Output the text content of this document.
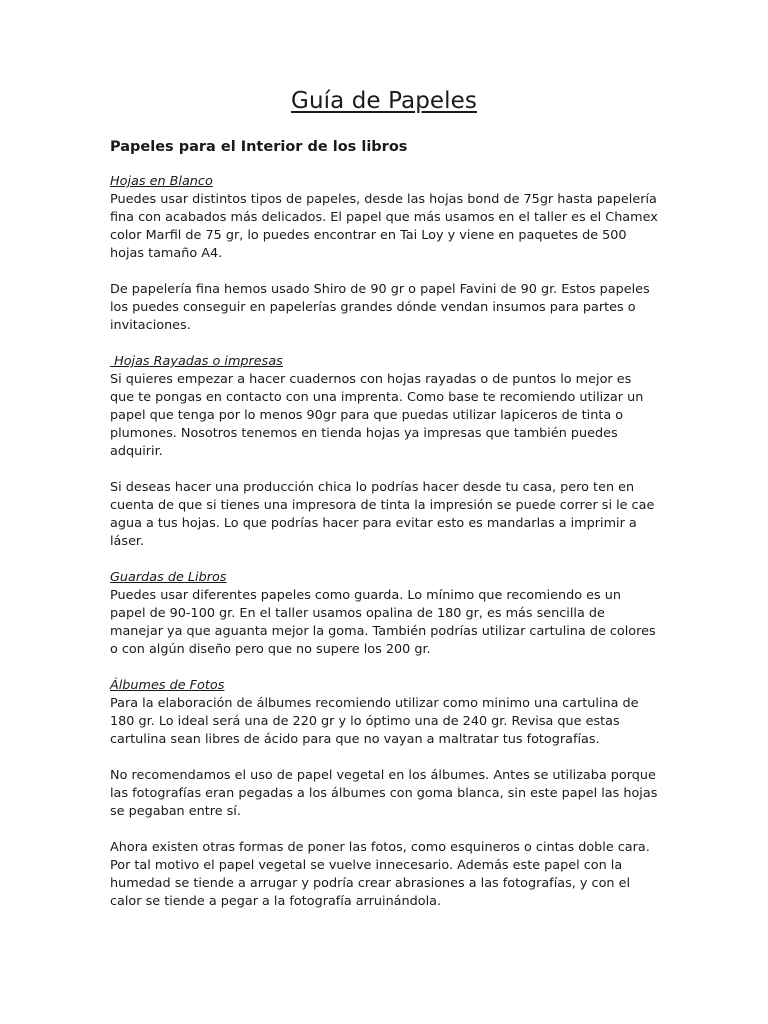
Guía de Papeles
Papeles para el Interior de los libros

Hojas en Blanco

Puedes usar distintos tipos de papeles, desde las hojas bond de 75gr hasta papelería fina con acabados más delicados. El papel que más usamos en el taller es el Chamex color Marfil de 75 gr, lo puedes encontrar en Tai Loy y viene en paquetes de 500 hojas tamaño A4.

De papelería fina hemos usado Shiro de 90 gr o papel Favini de 90 gr. Estos papeles los puedes conseguir en papelerías grandes dónde vendan insumos para partes o invitaciones.

Hojas Rayadas o impresas

Si quieres empezar a hacer cuadernos con hojas rayadas o de puntos lo mejor es que te pongas en contacto con una imprenta. Como base te recomiendo utilizar un papel que tenga por lo menos 90gr para que puedas utilizar lapiceros de tinta o plumones. Nosotros tenemos en tienda hojas ya impresas que también puedes adquirir.

Si deseas hacer una producción chica lo podrías hacer desde tu casa, pero ten en cuenta de que si tienes una impresora de tinta la impresión se puede correr si le cae agua a tus hojas. Lo que podrías hacer para evitar esto es mandarlas a imprimir a láser.

Guardas de Libros

Puedes usar diferentes papeles como guarda. Lo mínimo que recomiendo es un papel de 90-100 gr. En el taller usamos opalina de 180 gr, es más sencilla de manejar ya que aguanta mejor la goma. También podrías utilizar cartulina de colores o con algún diseño pero que no supere los 200 gr.

Álbumes de Fotos

Para la elaboración de álbumes recomiendo utilizar como minimo una cartulina de 180 gr. Lo ideal será una de 220 gr y lo óptimo una de 240 gr. Revisa que estas cartulina sean libres de ácido para que no vayan a maltratar tus fotografías.

No recomendamos el uso de papel vegetal en los álbumes. Antes se utilizaba porque las fotografías eran pegadas a los álbumes con goma blanca, sin este papel las hojas se pegaban entre sí.

Ahora existen otras formas de poner las fotos, como esquineros o cintas doble cara. Por tal motivo el papel vegetal se vuelve innecesario. Además este papel con la humedad se tiende a arrugar y podría crear abrasiones a las fotografías, y con el calor se tiende a pegar a la fotografía arruinándola.
